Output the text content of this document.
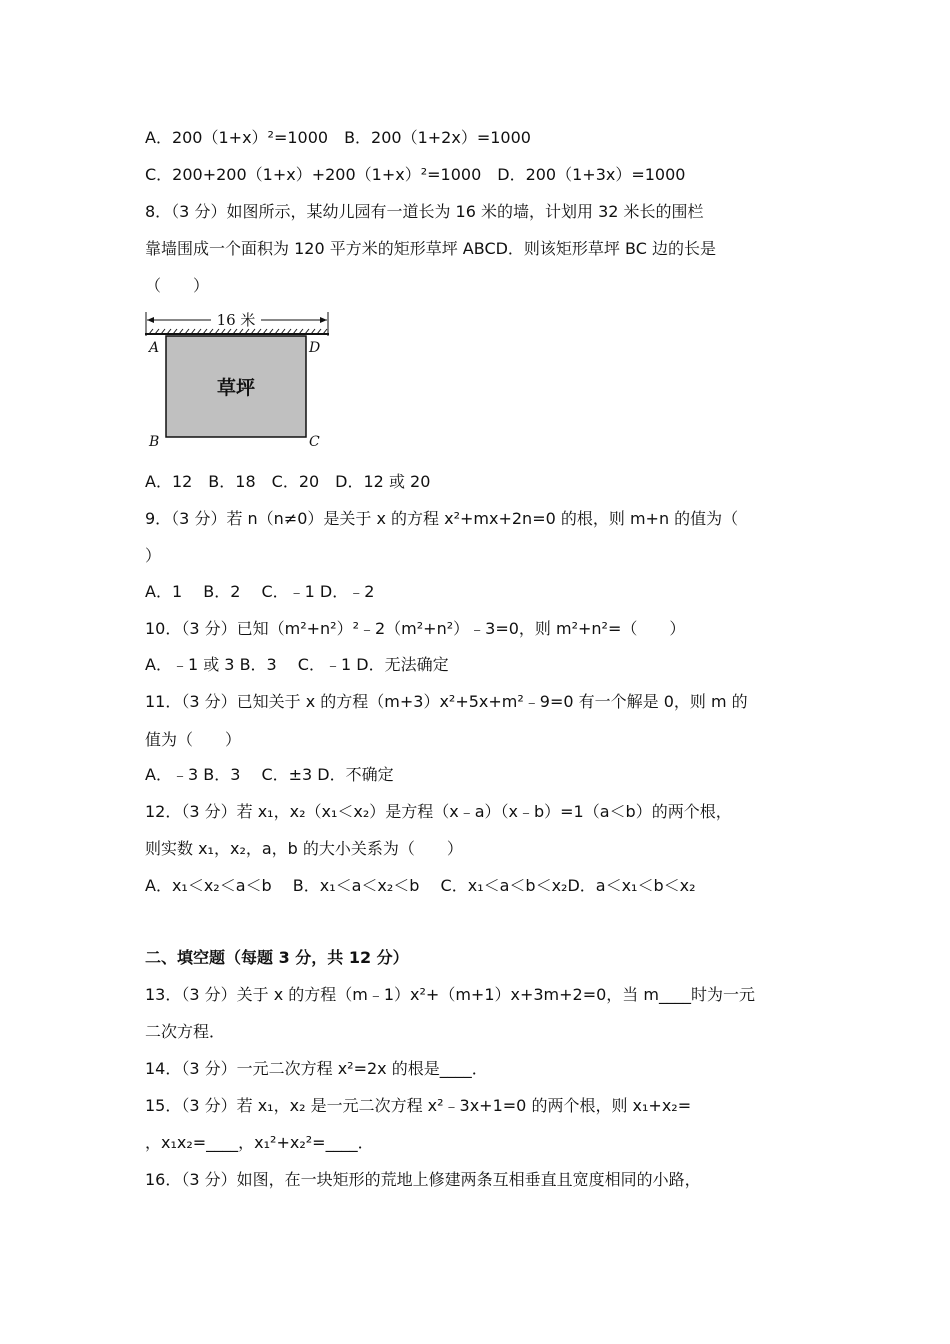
A．200（1+x）²=1000　B．200（1+2x）=1000
C．200+200（1+x）+200（1+x）²=1000　D．200（1+3x）=1000
8．（3 分）如图所示，某幼儿园有一道长为 16 米的墙，计划用 32 米长的围栏
靠墙围成一个面积为 120 平方米的矩形草坪 ABCD．则该矩形草坪 BC 边的长是
（　　）
16 米
草坪
A	D
B	C
A．12　B．18　C．20　D．12 或 20
9．（3 分）若 n（n≠0）是关于 x 的方程 x²+mx+2n=0 的根，则 m+n 的值为（
）
A．1　 B．2　 C．﹣1 D．﹣2
10．（3 分）已知（m²+n²）²﹣2（m²+n²）﹣3=0，则 m²+n²=（　　）
A．﹣1 或 3 B．3　 C．﹣1 D．无法确定
11．（3 分）已知关于 x 的方程（m+3）x²+5x+m²﹣9=0 有一个解是 0，则 m 的
值为（　　）
A．﹣3 B．3　 C．±3 D．不确定
12．（3 分）若 x₁，x₂（x₁＜x₂）是方程（x﹣a）（x﹣b）=1（a＜b）的两个根，
则实数 x₁，x₂，a，b 的大小关系为（　　）
A．x₁＜x₂＜a＜b　 B．x₁＜a＜x₂＜b　 C．x₁＜a＜b＜x₂D．a＜x₁＜b＜x₂
二、填空题（每题 3 分，共 12 分）
13．（3 分）关于 x 的方程（m﹣1）x²+（m+1）x+3m+2=0，当 m____时为一元
二次方程．
14．（3 分）一元二次方程 x²=2x 的根是____．
15．（3 分）若 x₁，x₂ 是一元二次方程 x²﹣3x+1=0 的两个根，则 x₁+x₂=
，x₁x₂=____，x₁²+x₂²=____．
16．（3 分）如图，在一块矩形的荒地上修建两条互相垂直且宽度相同的小路，
